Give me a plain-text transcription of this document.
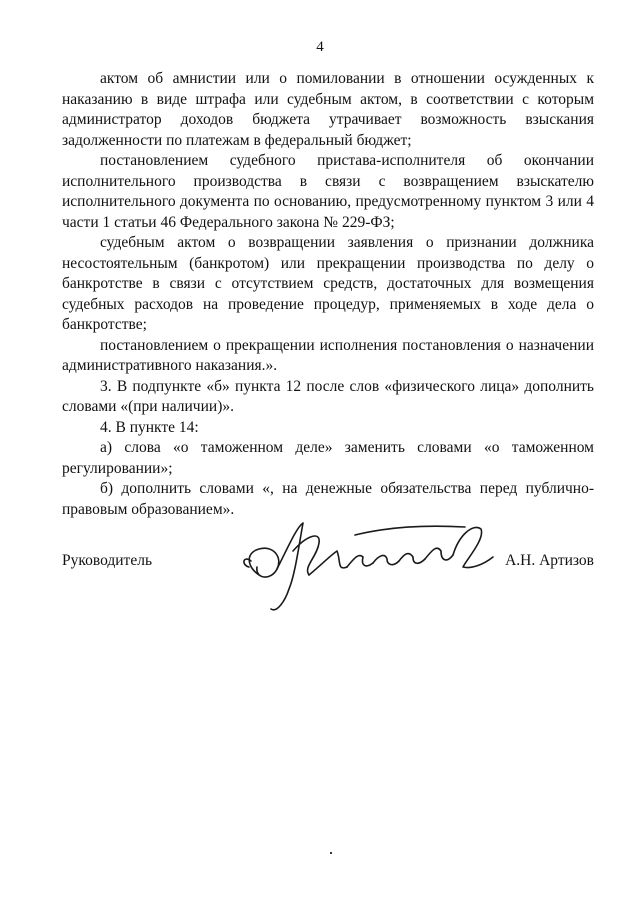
4

актом об амнистии или о помиловании в отношении осужденных к наказанию в виде штрафа или судебным актом, в соответствии с которым администратор доходов бюджета утрачивает возможность взыскания задолженности по платежам в федеральный бюджет;

постановлением судебного пристава-исполнителя об окончании исполнительного производства в связи с возвращением взыскателю исполнительного документа по основанию, предусмотренному пунктом 3 или 4 части 1 статьи 46 Федерального закона № 229-ФЗ;

судебным актом о возвращении заявления о признании должника несостоятельным (банкротом) или прекращении производства по делу о банкротстве в связи с отсутствием средств, достаточных для возмещения судебных расходов на проведение процедур, применяемых в ходе дела о банкротстве;

постановлением о прекращении исполнения постановления о назначении административного наказания.».

3. В подпункте «б» пункта 12 после слов «физического лица» дополнить словами «(при наличии)».

4. В пункте 14:

а) слова «о таможенном деле» заменить словами «о таможенном регулировании»;

б) дополнить словами «, на денежные обязательства перед публично-правовым образованием».

Руководитель	А.Н. Артизов
